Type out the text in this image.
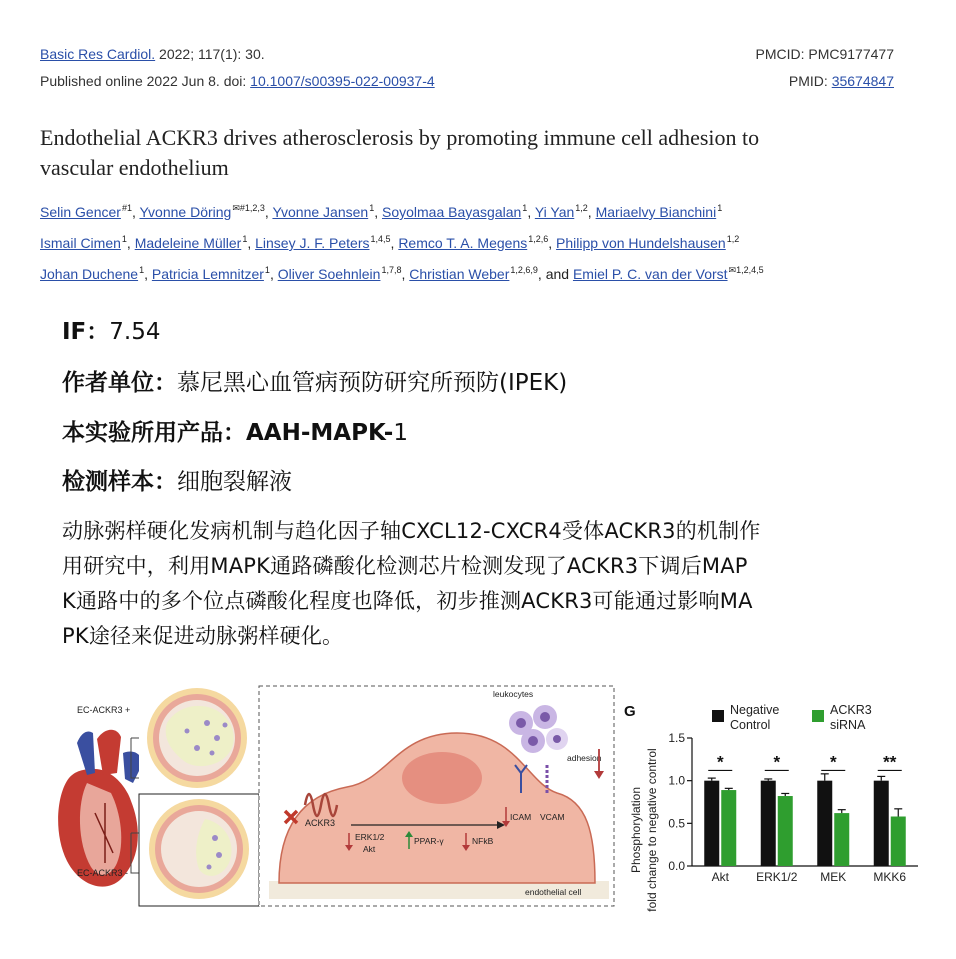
Basic Res Cardiol. 2022; 117(1): 30.	PMCID: PMC9177477
Published online 2022 Jun 8. doi: 10.1007/s00395-022-00937-4	PMID: 35674847
Endothelial ACKR3 drives atherosclerosis by promoting immune cell adhesion to
vascular endothelium
Selin Gencer$^{\#1}$, Yvonne Döring$^{✉\#1,2,3}$, Yvonne Jansen$^1$, Soyolmaa Bayasgalan$^1$, Yi Yan$^{1,2}$, Mariaelvy Bianchini$^1$
Ismail Cimen$^1$, Madeleine Müller$^1$, Linsey J. F. Peters$^{1,4,5}$, Remco T. A. Megens$^{1,2,6}$, Philipp von Hundelshausen$^{1,2}$
Johan Duchene$^1$, Patricia Lemnitzer$^1$, Oliver Soehnlein$^{1,7,8}$, Christian Weber$^{1,2,6,9}$, and Emiel P. C. van der Vorst$^{✉1,2,4,5}$
IF：7.54
作者单位：慕尼黑心血管病预防研究所预防(IPEK)
本实验所用产品：AAH-MAPK-1
检测样本：细胞裂解液
动脉粥样硬化发病机制与趋化因子轴CXCL12-CXCR4受体ACKR3的机制作
用研究中，利用MAPK通路磷酸化检测芯片检测发现了ACKR3下调后MAP
K通路中的多个位点磷酸化程度也降低，初步推测ACKR3可能通过影响MA
PK途径来促进动脉粥样硬化。
EC-ACKR3 +
EC-ACKR3 -
endothelial cell
ACKR3
ERK1/2
Akt
PPAR-γ	NFkB
ICAM VCAM
leukocytes
adhesion
G
Phosphorylation fold change to negative control
Negative Control
ACKR3 siRNA
0.0
0.5
1.0
1.5
*
Akt
*
ERK1/2
*
MEK
**
MKK6
